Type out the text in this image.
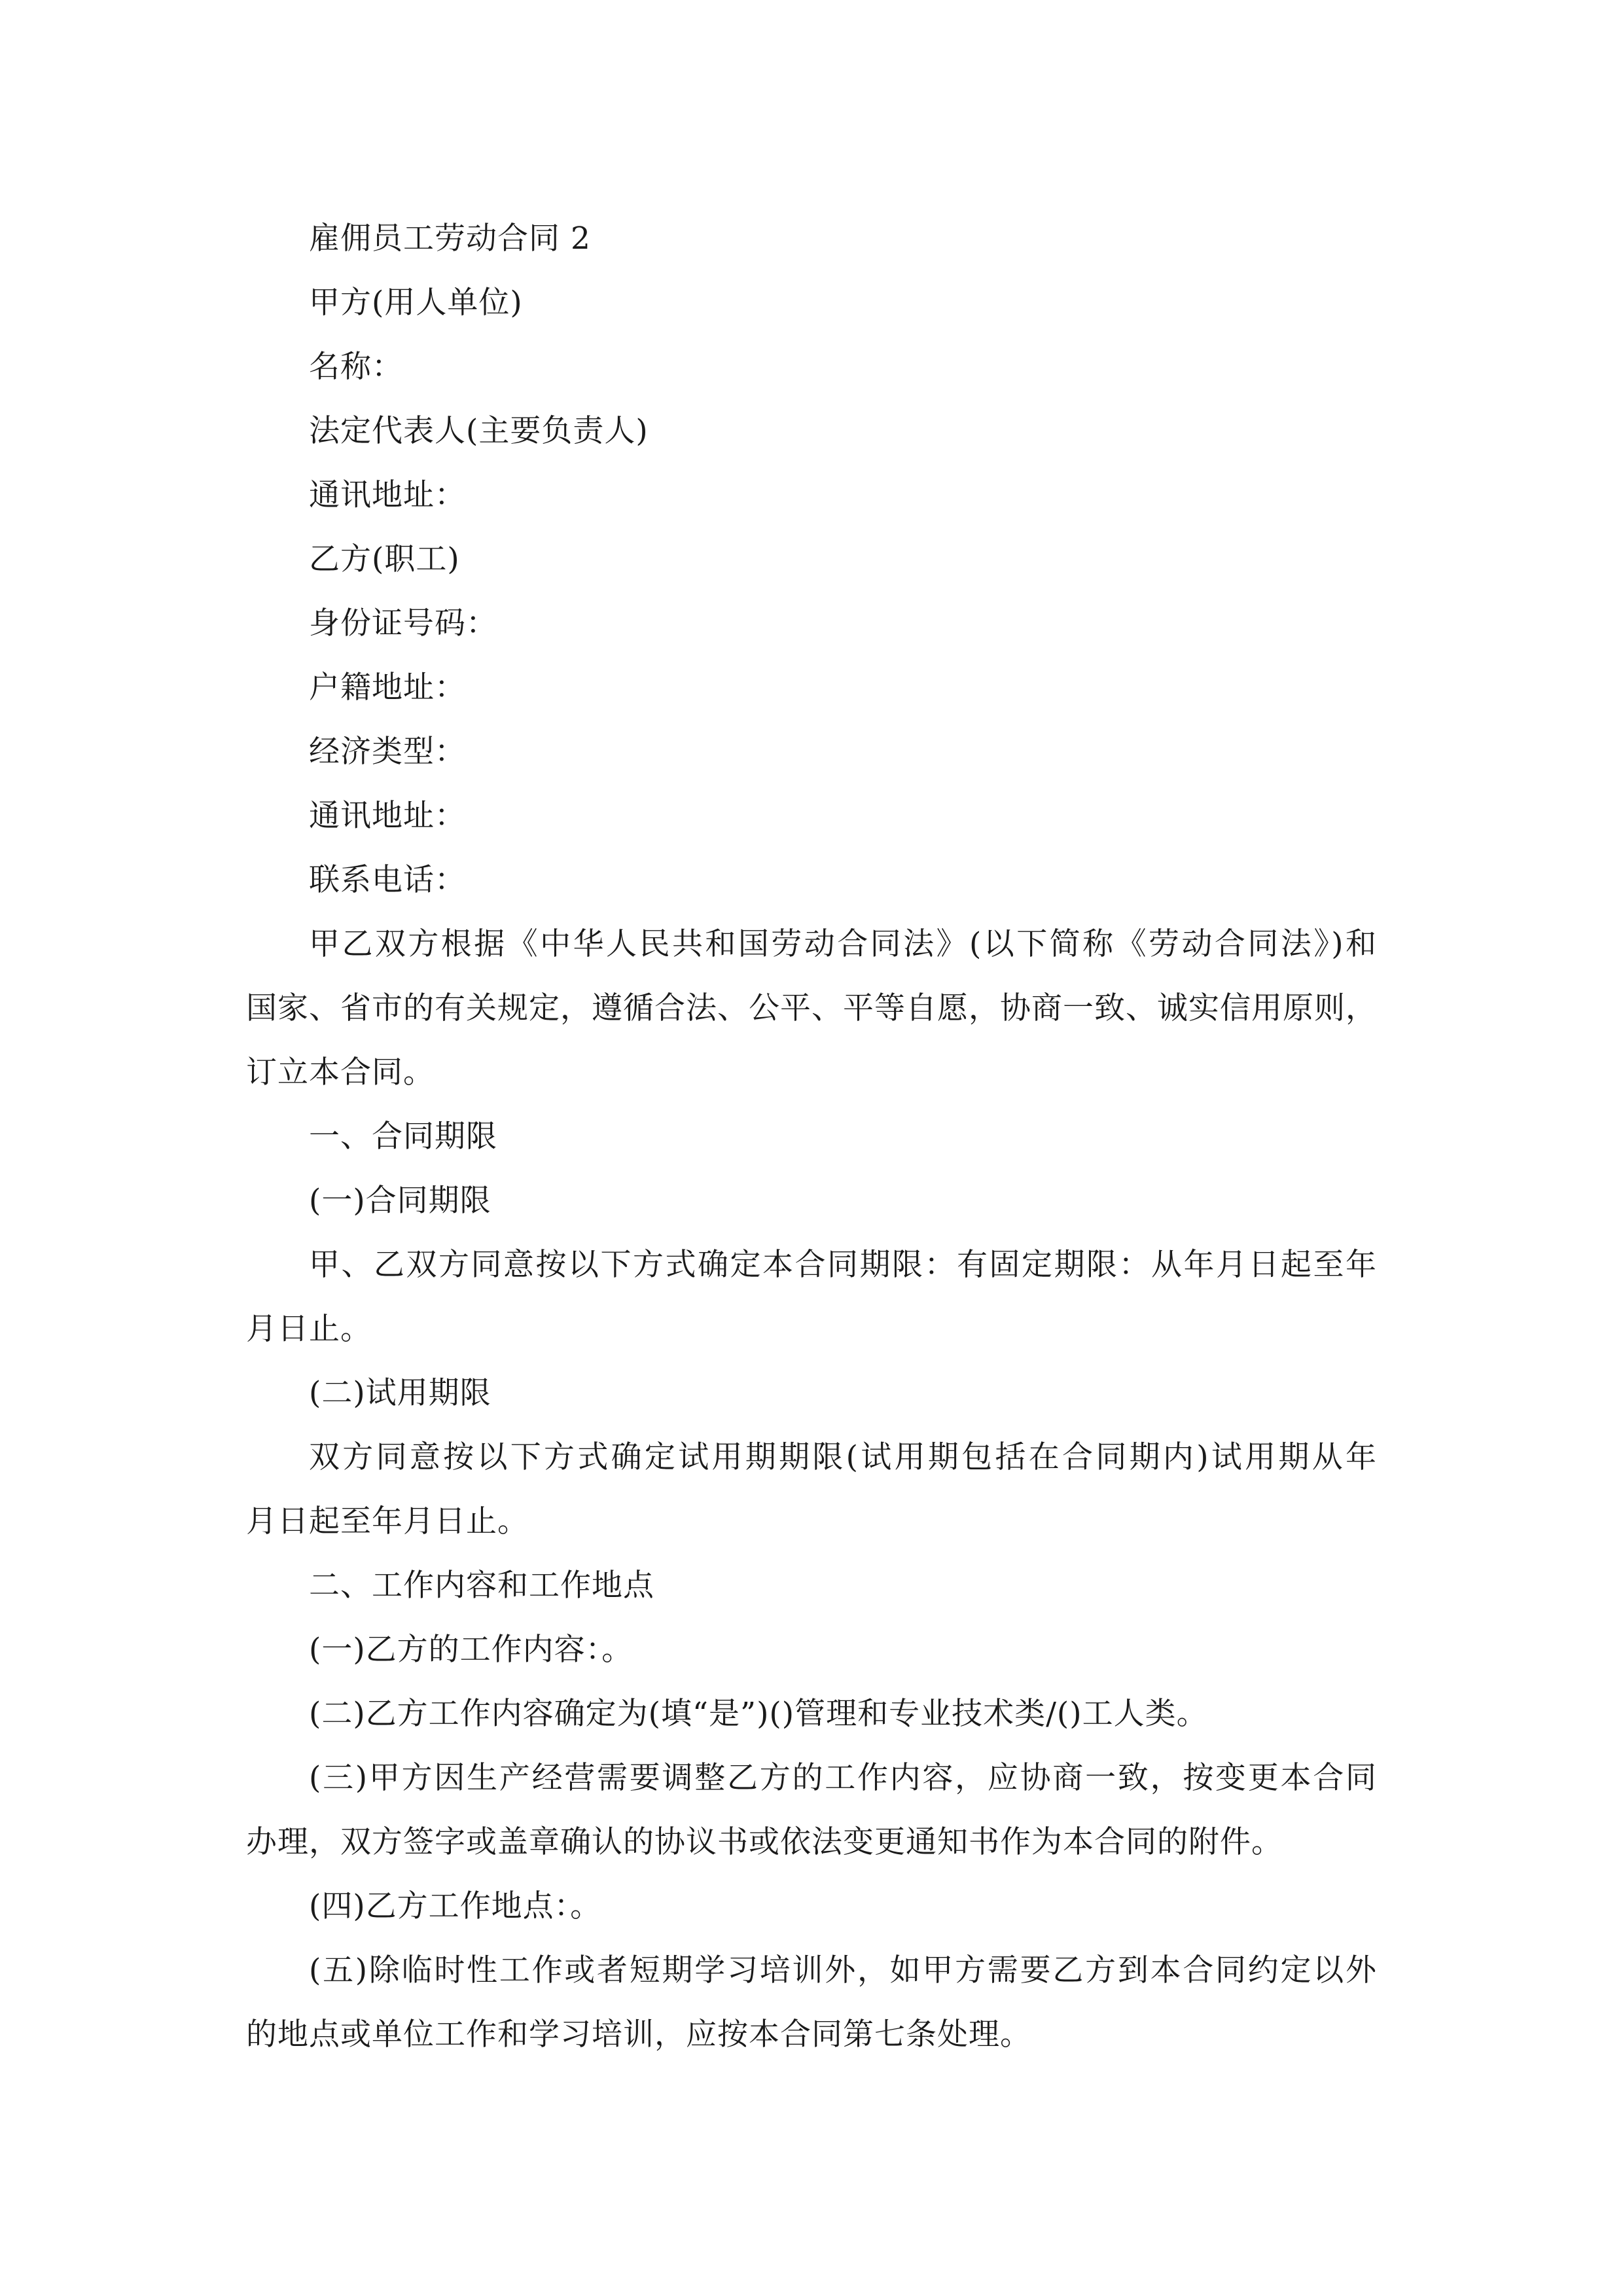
雇佣员工劳动合同 2
甲方(用人单位)
名称：
法定代表人(主要负责人)
通讯地址：
乙方(职工)
身份证号码：
户籍地址：
经济类型：
通讯地址：
联系电话：
甲乙双方根据《中华人民共和国劳动合同法》(以下简称《劳动合同法》)和
国家、省市的有关规定，遵循合法、公平、平等自愿，协商一致、诚实信用原则，
订立本合同。
一、合同期限
(一)合同期限
甲、乙双方同意按以下方式确定本合同期限：有固定期限：从年月日起至年
月日止。
(二)试用期限
双方同意按以下方式确定试用期期限(试用期包括在合同期内)试用期从年
月日起至年月日止。
二、工作内容和工作地点
(一)乙方的工作内容：。
(二)乙方工作内容确定为(填“是”)()管理和专业技术类/()工人类。
(三)甲方因生产经营需要调整乙方的工作内容，应协商一致，按变更本合同
办理，双方签字或盖章确认的协议书或依法变更通知书作为本合同的附件。
(四)乙方工作地点：。
(五)除临时性工作或者短期学习培训外，如甲方需要乙方到本合同约定以外
的地点或单位工作和学习培训，应按本合同第七条处理。
